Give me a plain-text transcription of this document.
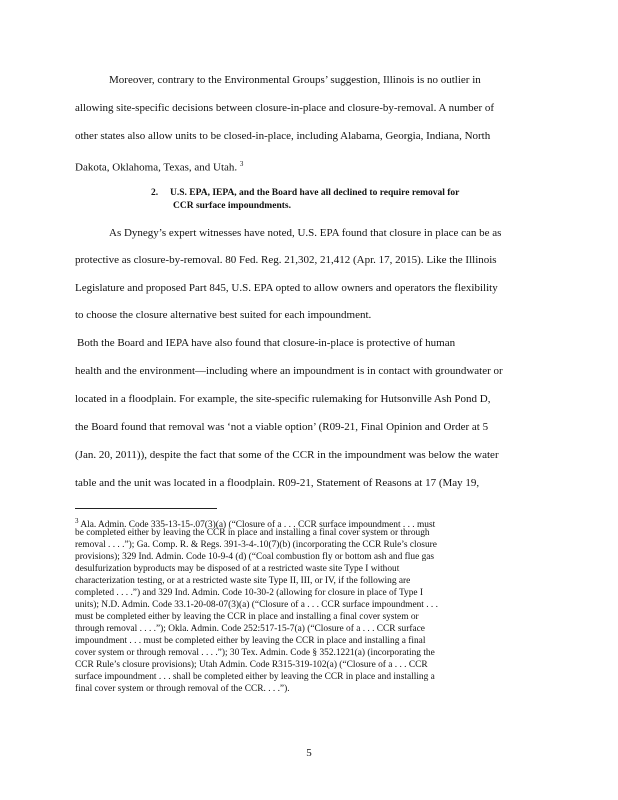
Moreover, contrary to the Environmental Groups’ suggestion, Illinois is no outlier in
allowing site-specific decisions between closure-in-place and closure-by-removal. A number of
other states also allow units to be closed-in-place, including Alabama, Georgia, Indiana, North
Dakota, Oklahoma, Texas, and Utah. $^3$
2. U.S. EPA, IEPA, and the Board have all declined to require removal for
CCR surface impoundments.
As Dynegy’s expert witnesses have noted, U.S. EPA found that closure in place can be as
protective as closure-by-removal. 80 Fed. Reg. 21,302, 21,412 (Apr. 17, 2015). Like the Illinois
Legislature and proposed Part 845, U.S. EPA opted to allow owners and operators the flexibility
to choose the closure alternative best suited for each impoundment.
Both the Board and IEPA have also found that closure-in-place is protective of human
health and the environment—including where an impoundment is in contact with groundwater or
located in a floodplain. For example, the site-specific rulemaking for Hutsonville Ash Pond D,
the Board found that removal was ‘not a viable option’ (R09-21, Final Opinion and Order at 5
(Jan. 20, 2011)), despite the fact that some of the CCR in the impoundment was below the water
table and the unit was located in a floodplain. R09-21, Statement of Reasons at 17 (May 19,
$^3$ Ala. Admin. Code 335-13-15-.07(3)(a) (“Closure of a . . . CCR surface impoundment . . . must
be completed either by leaving the CCR in place and installing a final cover system or through
removal . . . .”); Ga. Comp. R. & Regs. 391-3-4-.10(7)(b) (incorporating the CCR Rule’s closure
provisions); 329 Ind. Admin. Code 10-9-4 (d) (“Coal combustion fly or bottom ash and flue gas
desulfurization byproducts may be disposed of at a restricted waste site Type I without
characterization testing, or at a restricted waste site Type II, III, or IV, if the following are
completed . . . .”) and 329 Ind. Admin. Code 10-30-2 (allowing for closure in place of Type I
units); N.D. Admin. Code 33.1-20-08-07(3)(a) (“Closure of a . . . CCR surface impoundment . . .
must be completed either by leaving the CCR in place and installing a final cover system or
through removal . . . .”); Okla. Admin. Code 252:517-15-7(a) (“Closure of a . . . CCR surface
impoundment . . . must be completed either by leaving the CCR in place and installing a final
cover system or through removal . . . .”); 30 Tex. Admin. Code § 352.1221(a) (incorporating the
CCR Rule’s closure provisions); Utah Admin. Code R315-319-102(a) (“Closure of a . . . CCR
surface impoundment . . . shall be completed either by leaving the CCR in place and installing a
final cover system or through removal of the CCR. . . .”).
5
